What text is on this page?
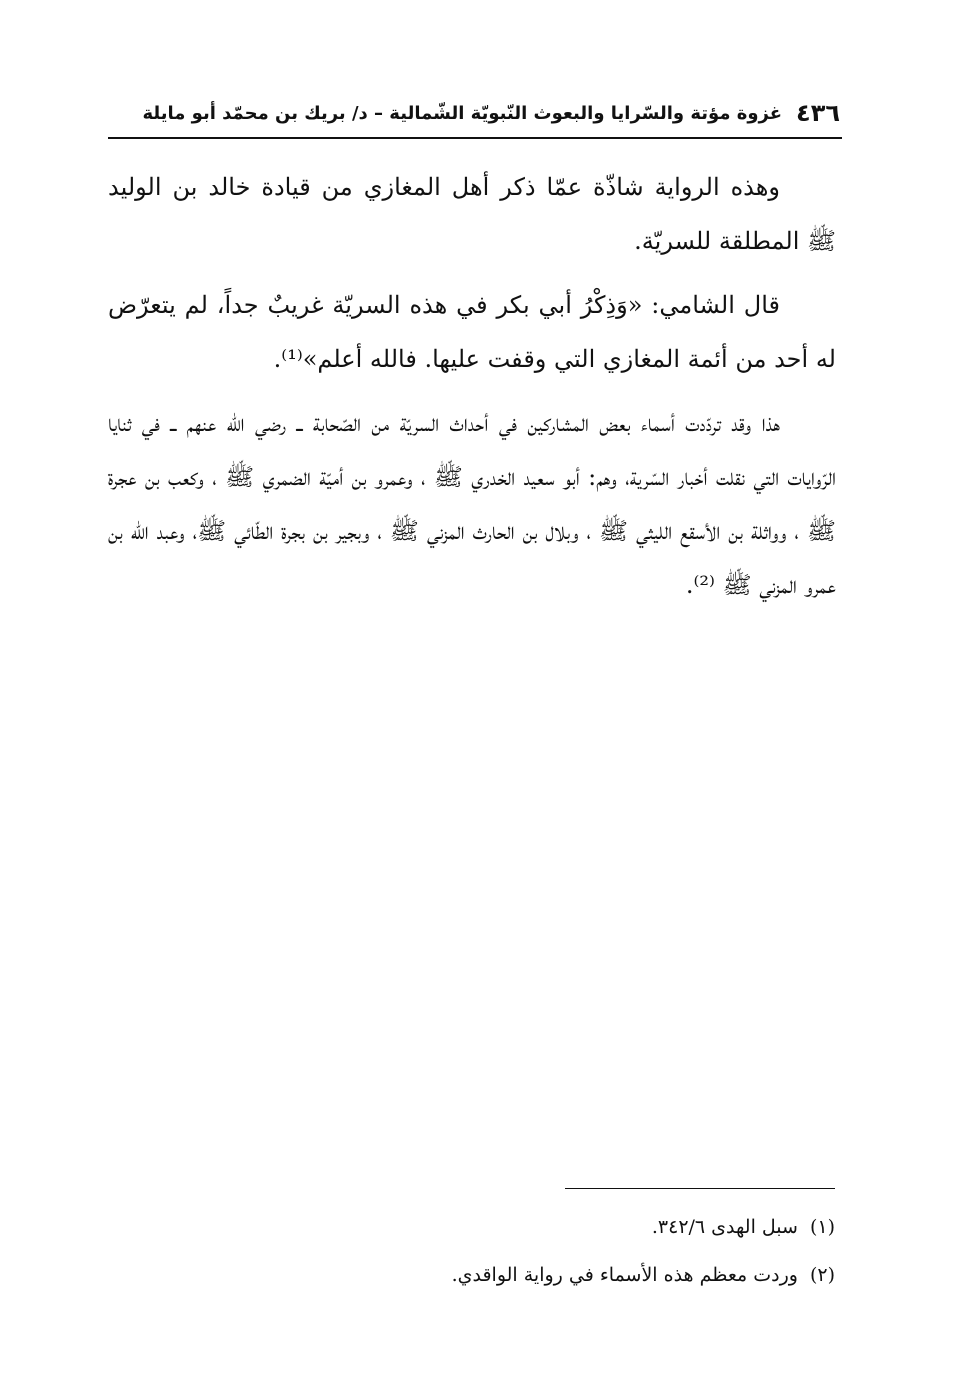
٤٣٦
غزوة مؤتة والسّرايا والبعوث النّبويّة الشّمالية – د/ بريك بن محمّد أبو مايلة

وهذه الرواية شاذّة عمّا ذكر أهل المغازي من قيادة خالد بن الوليد ﷺ المطلقة للسريّة.

قال الشامي: «وَذِكْرُ أبي بكر في هذه السريّة غريبٌ جداً، لم يتعرّض له أحد من أئمة المغازي التي وقفت عليها. فالله أعلم»⁽¹⁾.

هذا وقد تردّدت أسماء بعض المشاركين في أحداث السريّة من الصّحابة ــ رضي اللّه عنهم ــ في ثنايا الرّوايات التي نقلت أخبار السّرية، وهم: أبو سعيد الخدري ﷺ ، وعمرو بن أميّة الضمري ﷺ ، وكعب بن عجرة ﷺ ، وواثلة بن الأسقع الليثي ﷺ ، وبلال بن الحارث المزني ﷺ ، وبجير بن بجرة الطّائي ﷺ، وعبد اللّه بن عمرو المزني ﷺ ⁽²⁾.

(١)
سبل الهدى ٣٤٢/٦.
(٢)
وردت معظم هذه الأسماء في رواية الواقدي.
